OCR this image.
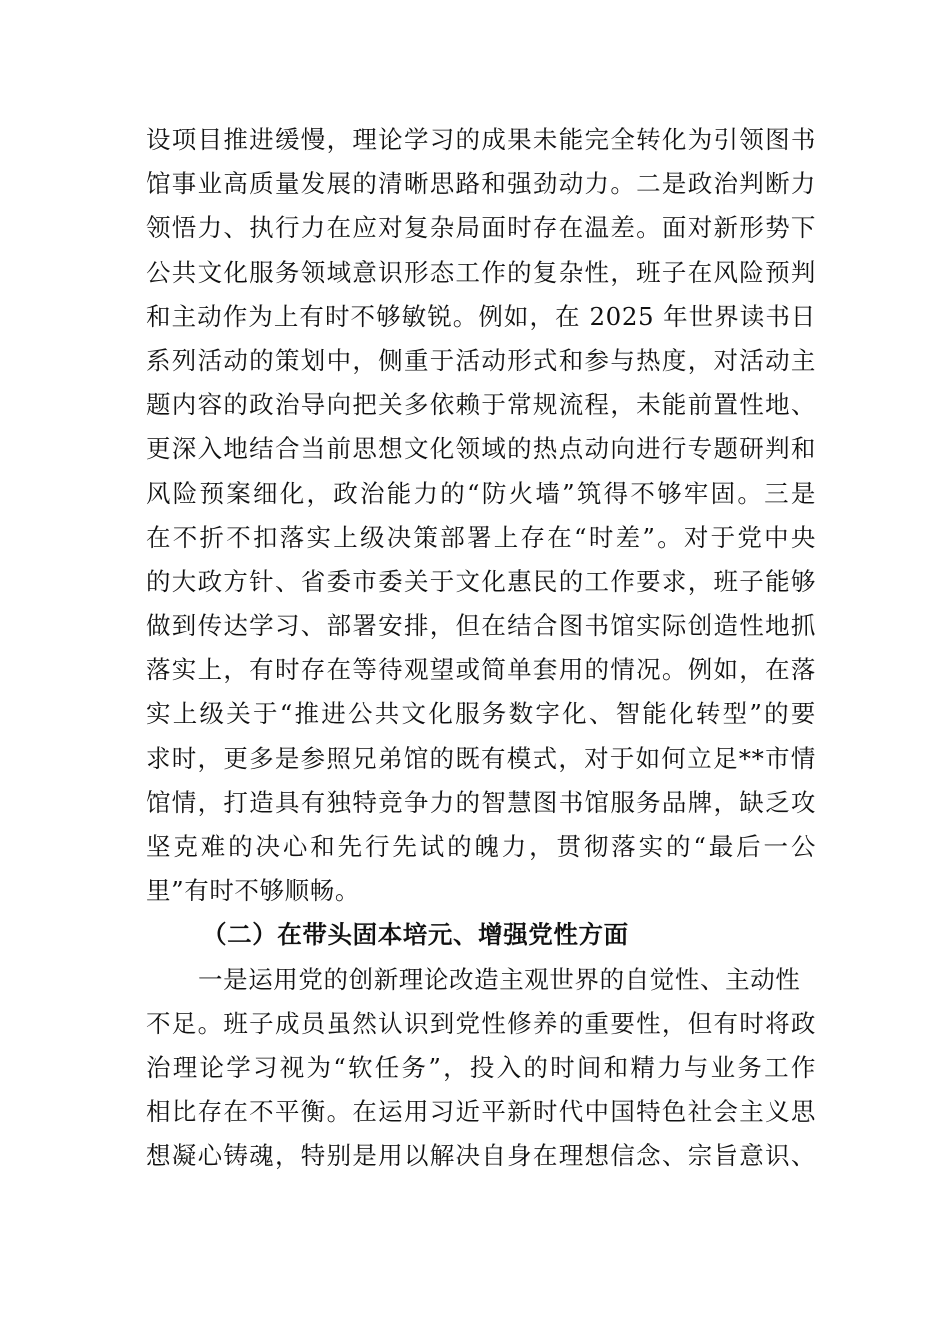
设项目推进缓慢，理论学习的成果未能完全转化为引领图书
馆事业高质量发展的清晰思路和强劲动力。二是政治判断力
领悟力、执行力在应对复杂局面时存在温差。面对新形势下
公共文化服务领域意识形态工作的复杂性，班子在风险预判
和主动作为上有时不够敏锐。例如，在 2025 年世界读书日
系列活动的策划中，侧重于活动形式和参与热度，对活动主
题内容的政治导向把关多依赖于常规流程，未能前置性地、
更深入地结合当前思想文化领域的热点动向进行专题研判和
风险预案细化，政治能力的“防火墙”筑得不够牢固。三是
在不折不扣落实上级决策部署上存在“时差”。对于党中央
的大政方针、省委市委关于文化惠民的工作要求，班子能够
做到传达学习、部署安排，但在结合图书馆实际创造性地抓
落实上，有时存在等待观望或简单套用的情况。例如，在落
实上级关于“推进公共文化服务数字化、智能化转型”的要
求时，更多是参照兄弟馆的既有模式，对于如何立足**市情
馆情，打造具有独特竞争力的智慧图书馆服务品牌，缺乏攻
坚克难的决心和先行先试的魄力，贯彻落实的“最后一公
里”有时不够顺畅。
（二）在带头固本培元、增强党性方面
一是运用党的创新理论改造主观世界的自觉性、主动性
不足。班子成员虽然认识到党性修养的重要性，但有时将政
治理论学习视为“软任务”，投入的时间和精力与业务工作
相比存在不平衡。在运用习近平新时代中国特色社会主义思
想凝心铸魂，特别是用以解决自身在理想信念、宗旨意识、
